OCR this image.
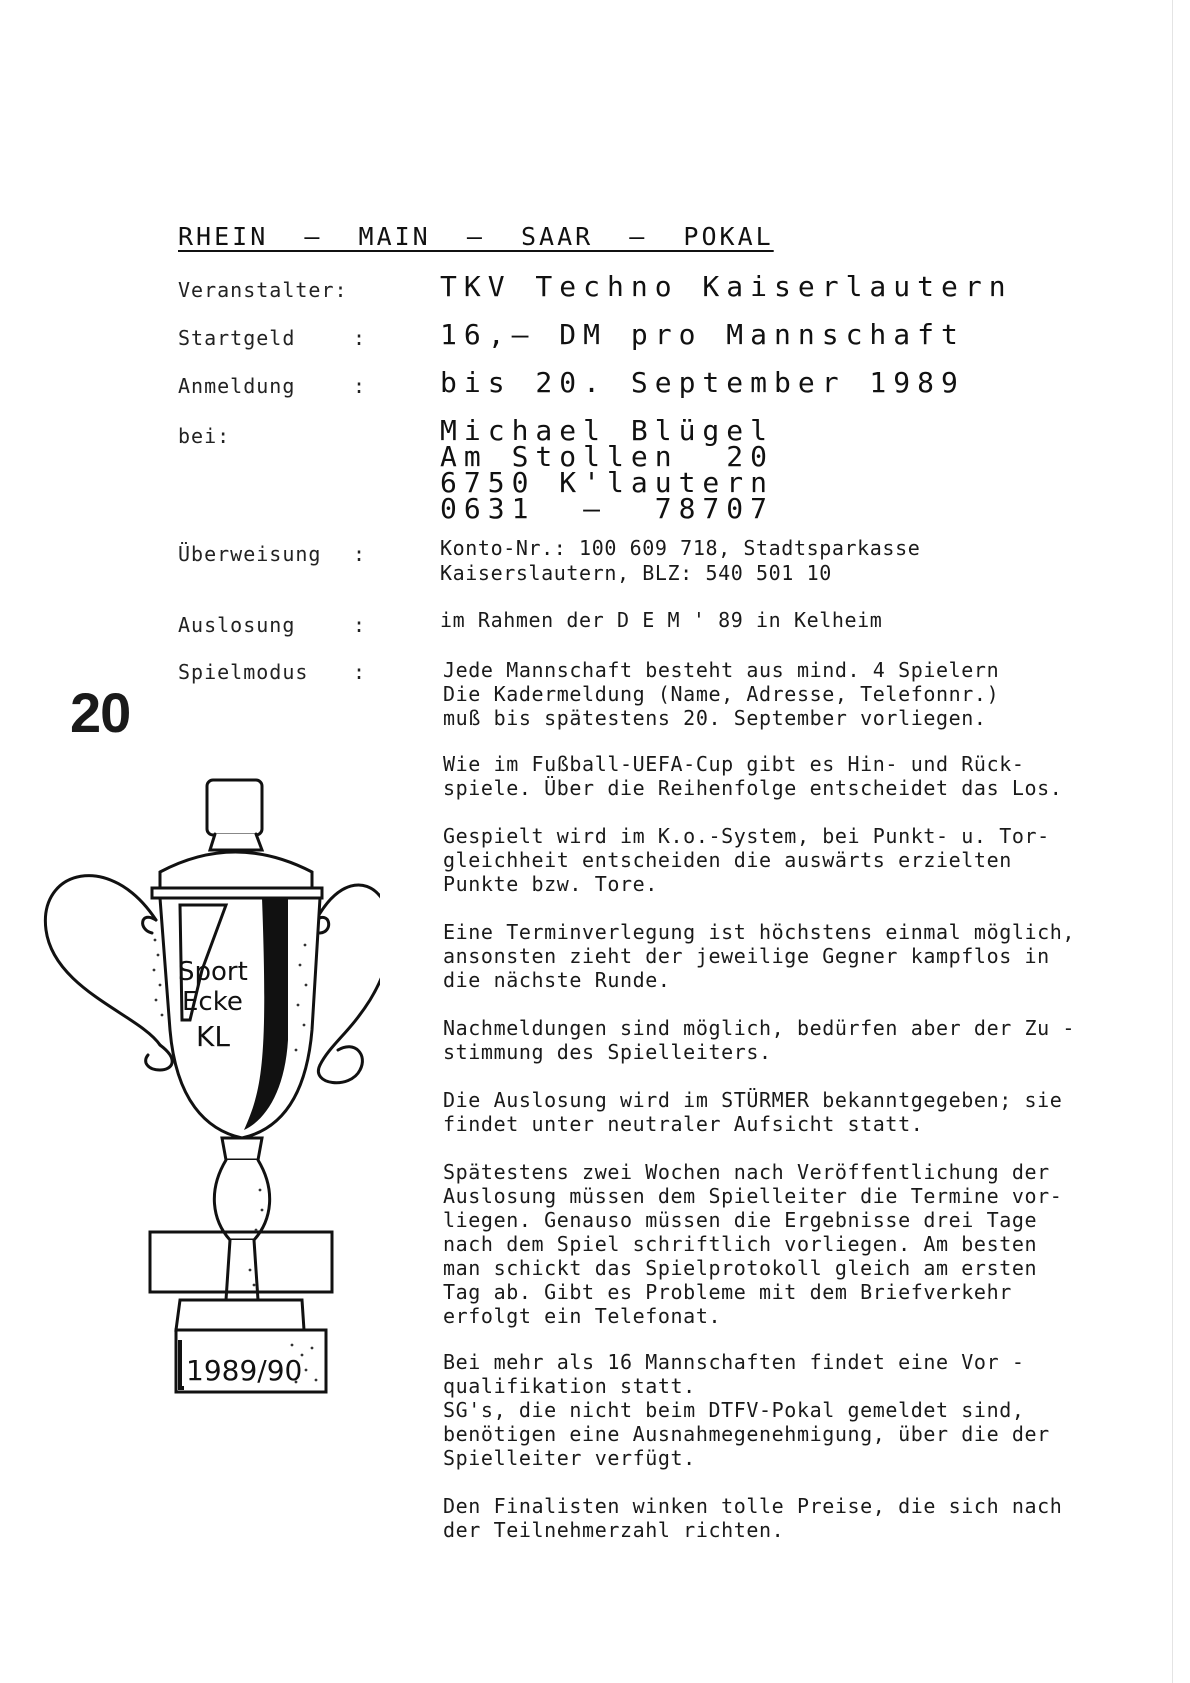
RHEIN  —  MAIN  —  SAAR  —  POKAL
Veranstalter:	TKV Techno Kaiserlautern
Startgeld	:	16,— DM pro Mannschaft
Anmeldung	:	bis 20. September 1989
bei:	Michael Blügel
Am Stollen  20
6750 K'lautern
0631  —  78707
Überweisung :	Konto-Nr.: 100 609 718, Stadtsparkasse
Kaiserslautern, BLZ: 540 501 10
Auslosung	:	im Rahmen der D E M ' 89 in Kelheim
Spielmodus :	Jede Mannschaft besteht aus mind. 4 Spielern
Die Kadermeldung (Name, Adresse, Telefonnr.)
muß bis spätestens 20. September vorliegen.
Wie im Fußball-UEFA-Cup gibt es Hin- und Rück-
spiele. Über die Reihenfolge entscheidet das Los.
Gespielt wird im K.o.-System, bei Punkt- u. Tor-
gleichheit entscheiden die auswärts erzielten
Punkte bzw. Tore.
Eine Terminverlegung ist höchstens einmal möglich,
ansonsten zieht der jeweilige Gegner kampflos in
die nächste Runde.
Nachmeldungen sind möglich, bedürfen aber der Zu -
stimmung des Spielleiters.
Die Auslosung wird im STÜRMER bekanntgegeben; sie
findet unter neutraler Aufsicht statt.
Spätestens zwei Wochen nach Veröffentlichung der
Auslosung müssen dem Spielleiter die Termine vor-
liegen. Genauso müssen die Ergebnisse drei Tage
nach dem Spiel schriftlich vorliegen. Am besten
man schickt das Spielprotokoll gleich am ersten
Tag ab. Gibt es Probleme mit dem Briefverkehr
erfolgt ein Telefonat.
Bei mehr als 16 Mannschaften findet eine Vor -
qualifikation statt.
SG's, die nicht beim DTFV-Pokal gemeldet sind,
benötigen eine Ausnahmegenehmigung, über die der
Spielleiter verfügt.
Den Finalisten winken tolle Preise, die sich nach
der Teilnehmerzahl richten.
20
Sport
Ecke
KL
1989/90
